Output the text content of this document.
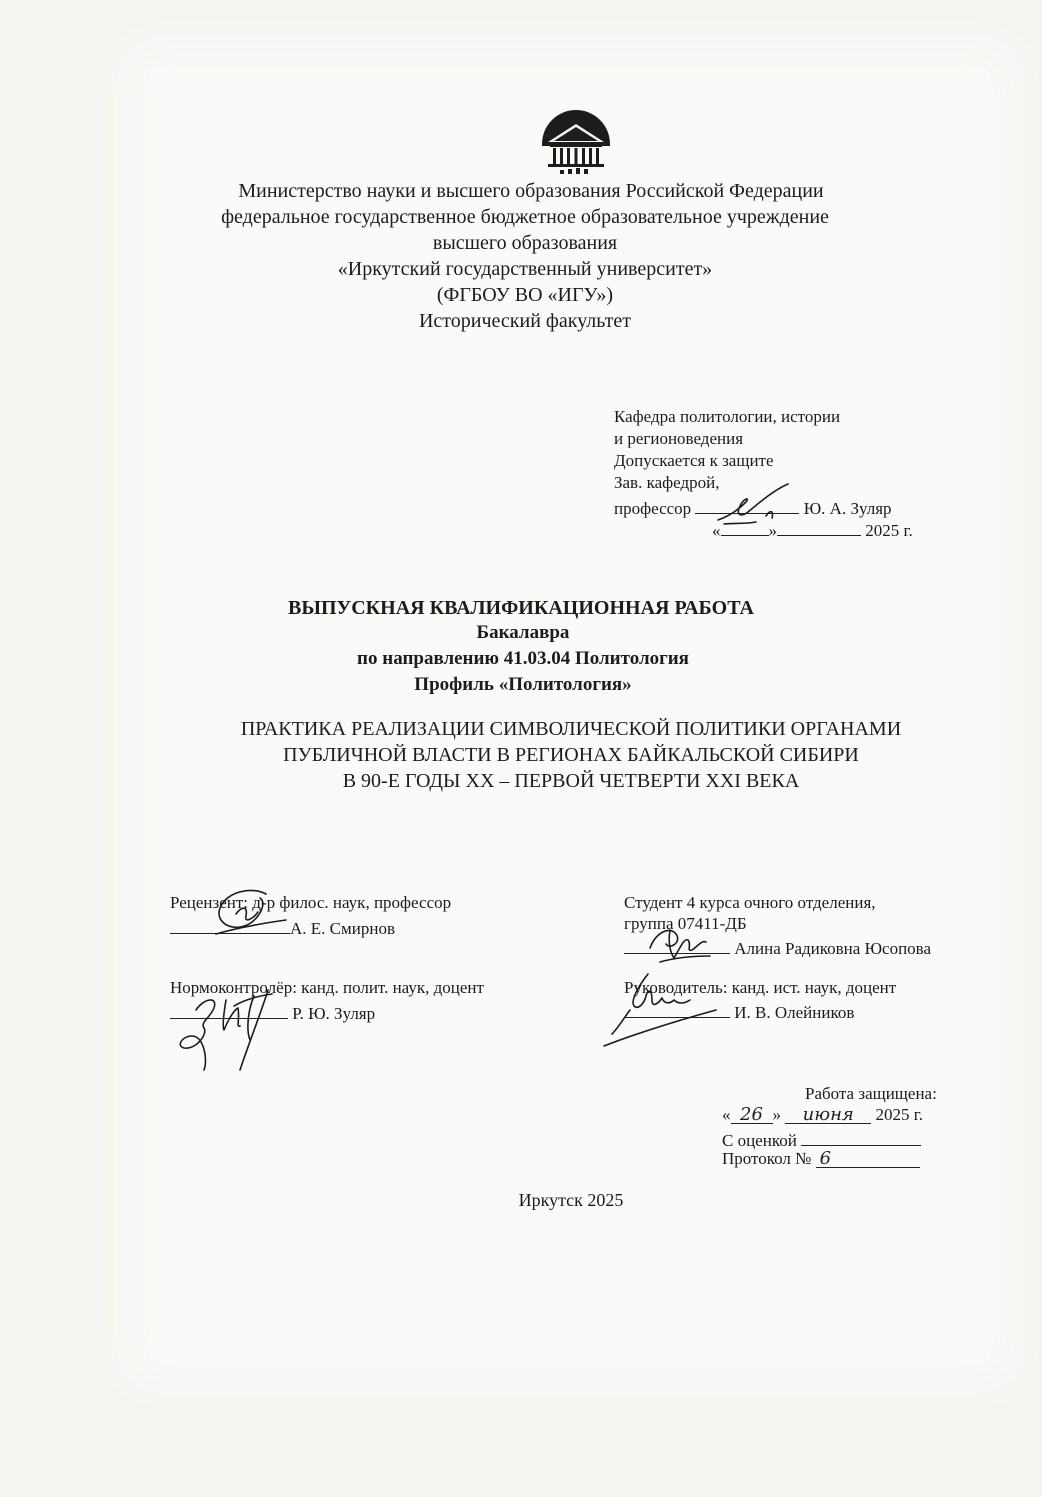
Министерство науки и высшего образования Российской Федерации
федеральное государственное бюджетное образовательное учреждение
высшего образования
«Иркутский государственный университет»
(ФГБОУ ВО «ИГУ»)
Исторический факультет
Кафедра политологии, истории
и регионоведения
Допускается к защите
Зав. кафедрой,
профессор	Ю. А. Зуляр
«	»	2025 г.
ВЫПУСКНАЯ КВАЛИФИКАЦИОННАЯ РАБОТА
Бакалавра
по направлению 41.03.04 Политология
Профиль «Политология»
ПРАКТИКА РЕАЛИЗАЦИИ СИМВОЛИЧЕСКОЙ ПОЛИТИКИ ОРГАНАМИ
ПУБЛИЧНОЙ ВЛАСТИ В РЕГИОНАХ БАЙКАЛЬСКОЙ СИБИРИ
В 90-Е ГОДЫ XX – ПЕРВОЙ ЧЕТВЕРТИ XXI ВЕКА
Рецензент: д-р филос. наук, профессор
А. Е. Смирнов
Нормоконтролёр: канд. полит. наук, доцент
Р. Ю. Зуляр
Студент 4 курса очного отделения,
группа 07411-ДБ
Алина Радиковна Юсопова
Руководитель: канд. ист. наук, доцент
И. В. Олейников
Работа защищена:
« 26 » июня 2025 г.
С оценкой
Протокол № 6
Иркутск 2025
